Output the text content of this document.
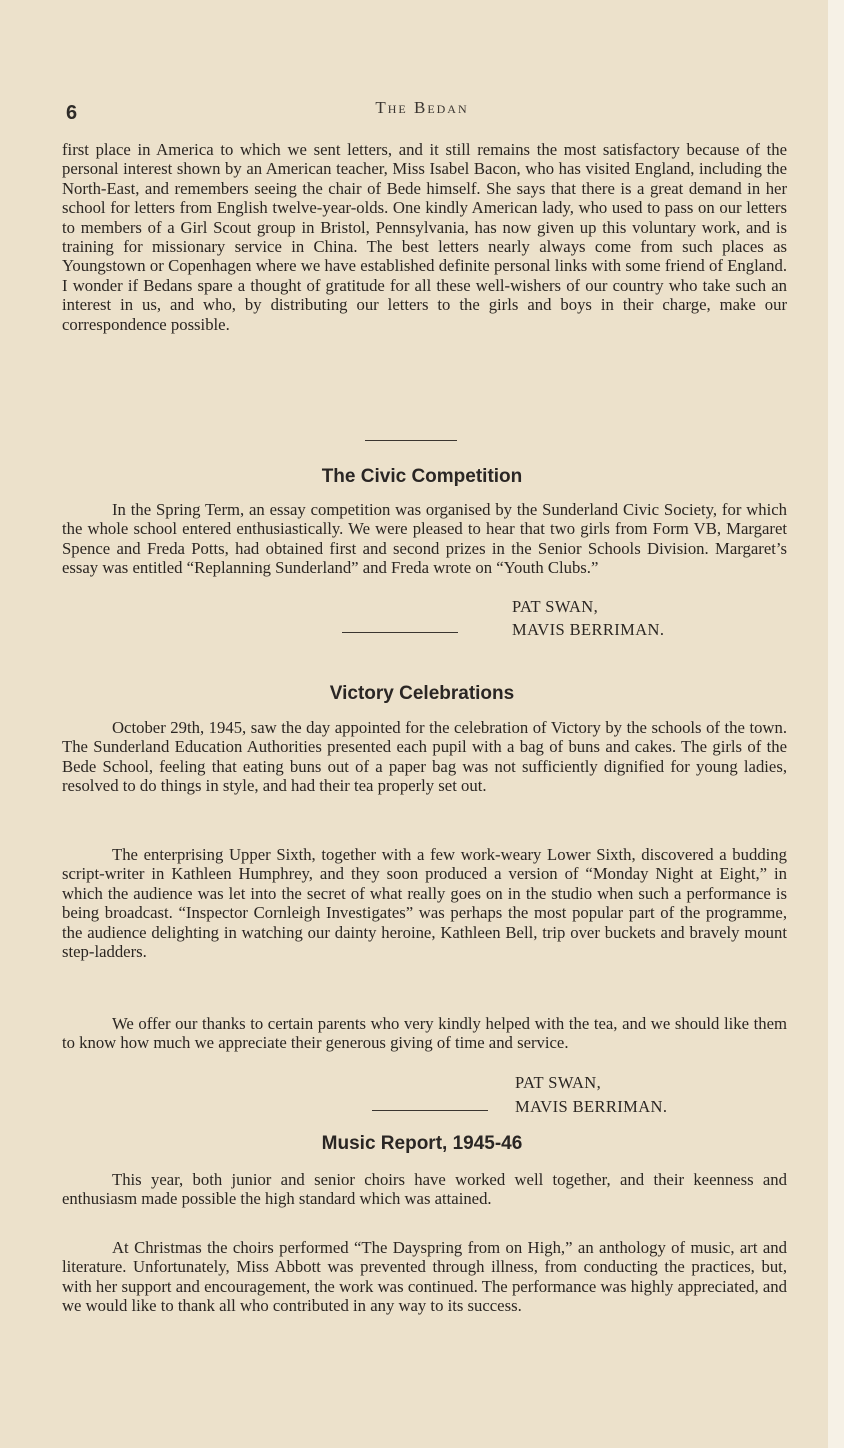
6	The Bedan

first place in America to which we sent letters, and it still remains the most satisfactory because of the personal interest shown by an American teacher, Miss Isabel Bacon, who has visited England, including the North-East, and remembers seeing the chair of Bede himself. She says that there is a great demand in her school for letters from English twelve-year-olds. One kindly American lady, who used to pass on our letters to members of a Girl Scout group in Bristol, Pennsylvania, has now given up this voluntary work, and is training for missionary service in China. The best letters nearly always come from such places as Youngstown or Copenhagen where we have established definite personal links with some friend of England. I wonder if Bedans spare a thought of gratitude for all these well-wishers of our country who take such an interest in us, and who, by distributing our letters to the girls and boys in their charge, make our correspondence possible.

The Civic Competition

In the Spring Term, an essay competition was organised by the Sunderland Civic Society, for which the whole school entered enthusiastically. We were pleased to hear that two girls from Form VB, Margaret Spence and Freda Potts, had obtained first and second prizes in the Senior Schools Division. Margaret’s essay was entitled “Replanning Sunderland” and Freda wrote on “Youth Clubs.”

PAT SWAN,
MAVIS BERRIMAN.
Victory Celebrations

October 29th, 1945, saw the day appointed for the celebration of Victory by the schools of the town. The Sunderland Education Authorities presented each pupil with a bag of buns and cakes. The girls of the Bede School, feeling that eating buns out of a paper bag was not sufficiently dignified for young ladies, resolved to do things in style, and had their tea properly set out.

The enterprising Upper Sixth, together with a few work-weary Lower Sixth, discovered a budding script-writer in Kathleen Humphrey, and they soon produced a version of “Monday Night at Eight,” in which the audience was let into the secret of what really goes on in the studio when such a performance is being broadcast. “Inspector Cornleigh Investigates” was perhaps the most popular part of the programme, the audience delighting in watching our dainty heroine, Kathleen Bell, trip over buckets and bravely mount step-ladders.

We offer our thanks to certain parents who very kindly helped with the tea, and we should like them to know how much we appreciate their generous giving of time and service.

PAT SWAN,
MAVIS BERRIMAN.
Music Report, 1945-46

This year, both junior and senior choirs have worked well together, and their keenness and enthusiasm made possible the high standard which was attained.

At Christmas the choirs performed “The Dayspring from on High,” an anthology of music, art and literature. Unfortunately, Miss Abbott was prevented through illness, from conducting the practices, but, with her support and encouragement, the work was continued. The performance was highly appreciated, and we would like to thank all who contributed in any way to its success.
